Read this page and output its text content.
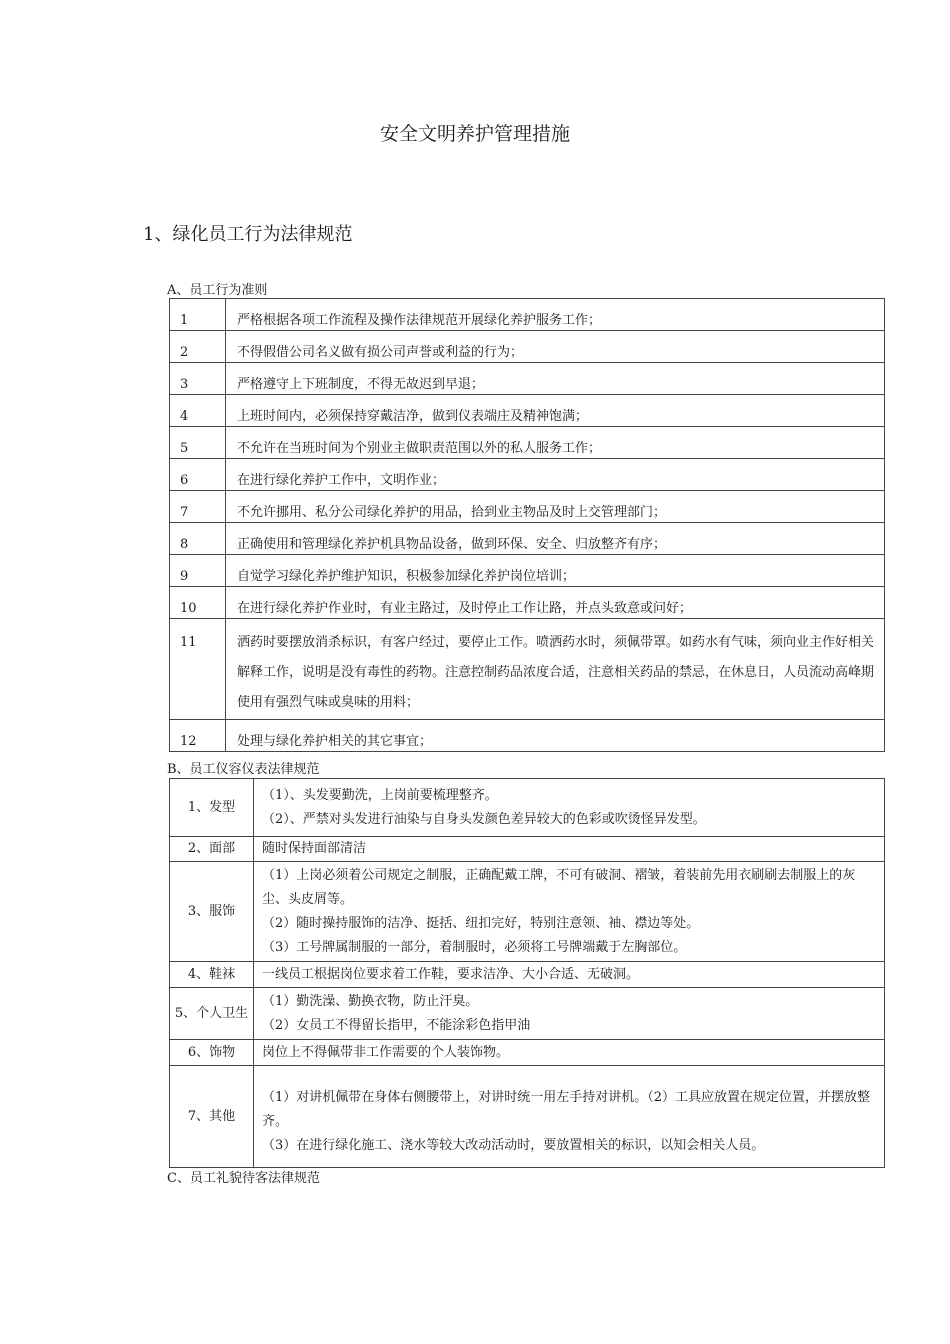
安全文明养护管理措施
1、绿化员工行为法律规范
A、员工行为准则
1	严格根据各项工作流程及操作法律规范开展绿化养护服务工作；
2	不得假借公司名义做有损公司声誉或利益的行为；
3	严格遵守上下班制度，不得无故迟到早退；
4	上班时间内，必须保持穿戴洁净，做到仪表端庄及精神饱满；
5	不允许在当班时间为个别业主做职责范围以外的私人服务工作；
6	在进行绿化养护工作中，文明作业；
7	不允许挪用、私分公司绿化养护的用品，拾到业主物品及时上交管理部门；
8	正确使用和管理绿化养护机具物品设备，做到环保、安全、归放整齐有序；
9	自觉学习绿化养护维护知识，积极参加绿化养护岗位培训；
10	在进行绿化养护作业时，有业主路过，及时停止工作让路，并点头致意或问好；
11	洒药时要摆放消杀标识，有客户经过，要停止工作。喷洒药水时，须佩带罩。如药水有气味，须向业主作好相关解释工作，说明是没有毒性的药物。注意控制药品浓度合适，注意相关药品的禁忌，在休息日，人员流动高峰期使用有强烈气味或臭味的用料；
12	处理与绿化养护相关的其它事宜；
B、员工仪容仪表法律规范
1、发型	（1）、头发要勤洗，上岗前要梳理整齐。
（2）、严禁对头发进行油染与自身头发颜色差异较大的色彩或吹烫怪异发型。

2、面部	随时保持面部清洁

3、服饰	（1）上岗必须着公司规定之制服，正确配戴工牌，不可有破洞、褶皱，着装前先用衣刷刷去制服上的灰尘、头皮屑等。
（2）随时操持服饰的洁净、挺括、纽扣完好，特别注意领、袖、襟边等处。
（3）工号牌属制服的一部分，着制服时，必须将工号牌端戴于左胸部位。

4、鞋袜	一线员工根据岗位要求着工作鞋，要求洁净、大小合适、无破洞。

5、个人卫生	（1）勤洗澡、勤换衣物，防止汗臭。
（2）女员工不得留长指甲，不能涂彩色指甲油

6、饰物	岗位上不得佩带非工作需要的个人装饰物。

7、其他	（1）对讲机佩带在身体右侧腰带上，对讲时统一用左手持对讲机。（2）工具应放置在规定位置，并摆放整齐。
（3）在进行绿化施工、浇水等较大改动活动时，要放置相关的标识，以知会相关人员。
C、员工礼貌待客法律规范
